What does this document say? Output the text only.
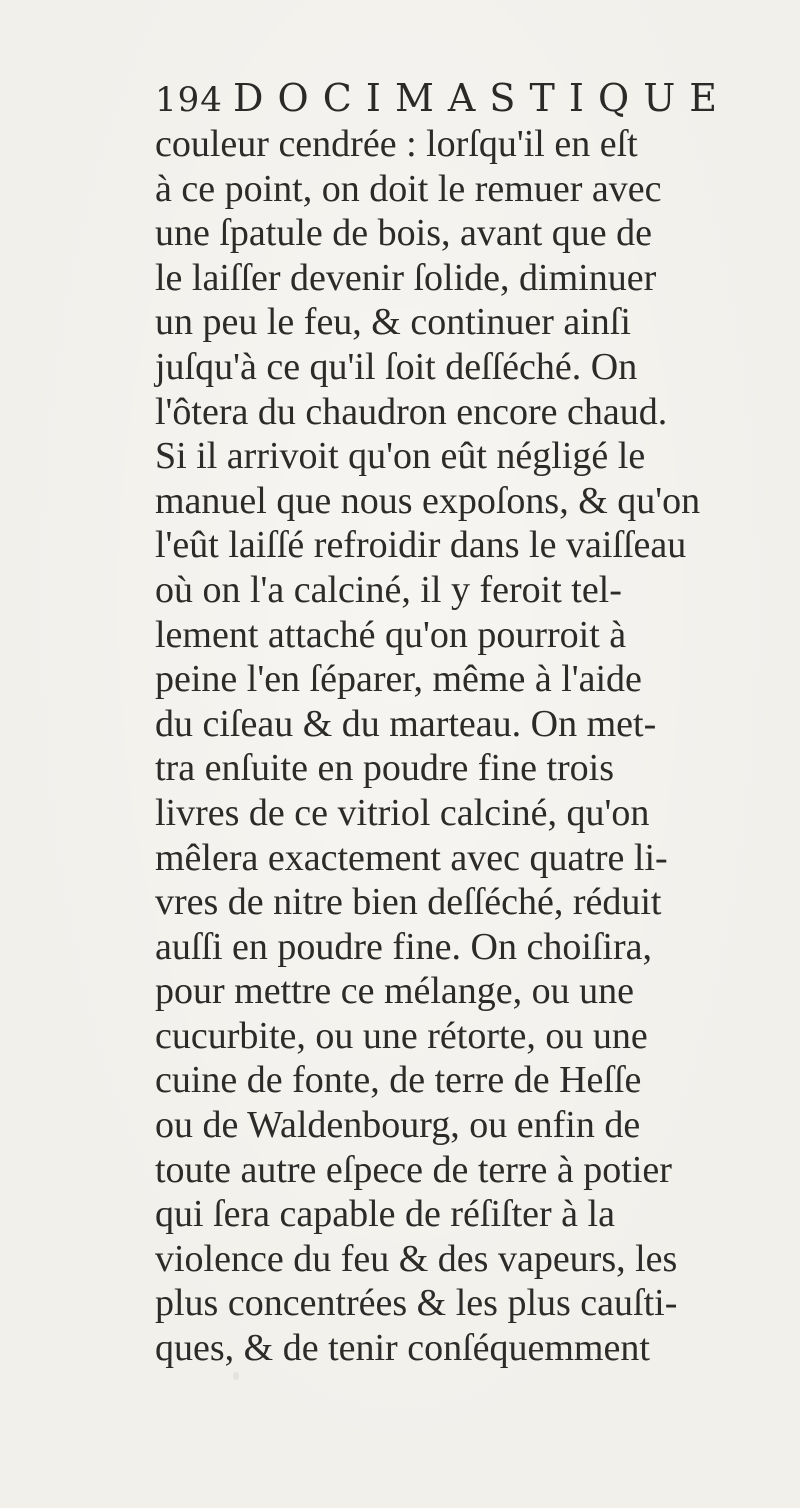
194 DOCIMASTIQUE
couleur cendrée : lorſqu'il en eſt
à ce point, on doit le remuer avec
une ſpatule de bois, avant que de
le laiſſer devenir ſolide, diminuer
un peu le feu, & continuer ainſi
juſqu'à ce qu'il ſoit deſſéché. On
l'ôtera du chaudron encore chaud.
Si il arrivoit qu'on eût négligé le
manuel que nous expoſons, & qu'on
l'eût laiſſé refroidir dans le vaiſſeau
où on l'a calciné, il y feroit tel-
lement attaché qu'on pourroit à
peine l'en ſéparer, même à l'aide
du ciſeau & du marteau. On met-
tra enſuite en poudre fine trois
livres de ce vitriol calciné, qu'on
mêlera exactement avec quatre li-
vres de nitre bien deſſéché, réduit
auſſi en poudre fine. On choiſira,
pour mettre ce mélange, ou une
cucurbite, ou une rétorte, ou une
cuine de fonte, de terre de Heſſe
ou de Waldenbourg, ou enfin de
toute autre eſpece de terre à potier
qui ſera capable de réſiſter à la
violence du feu & des vapeurs, les
plus concentrées & les plus cauſti-
ques, & de tenir conſéquemment
